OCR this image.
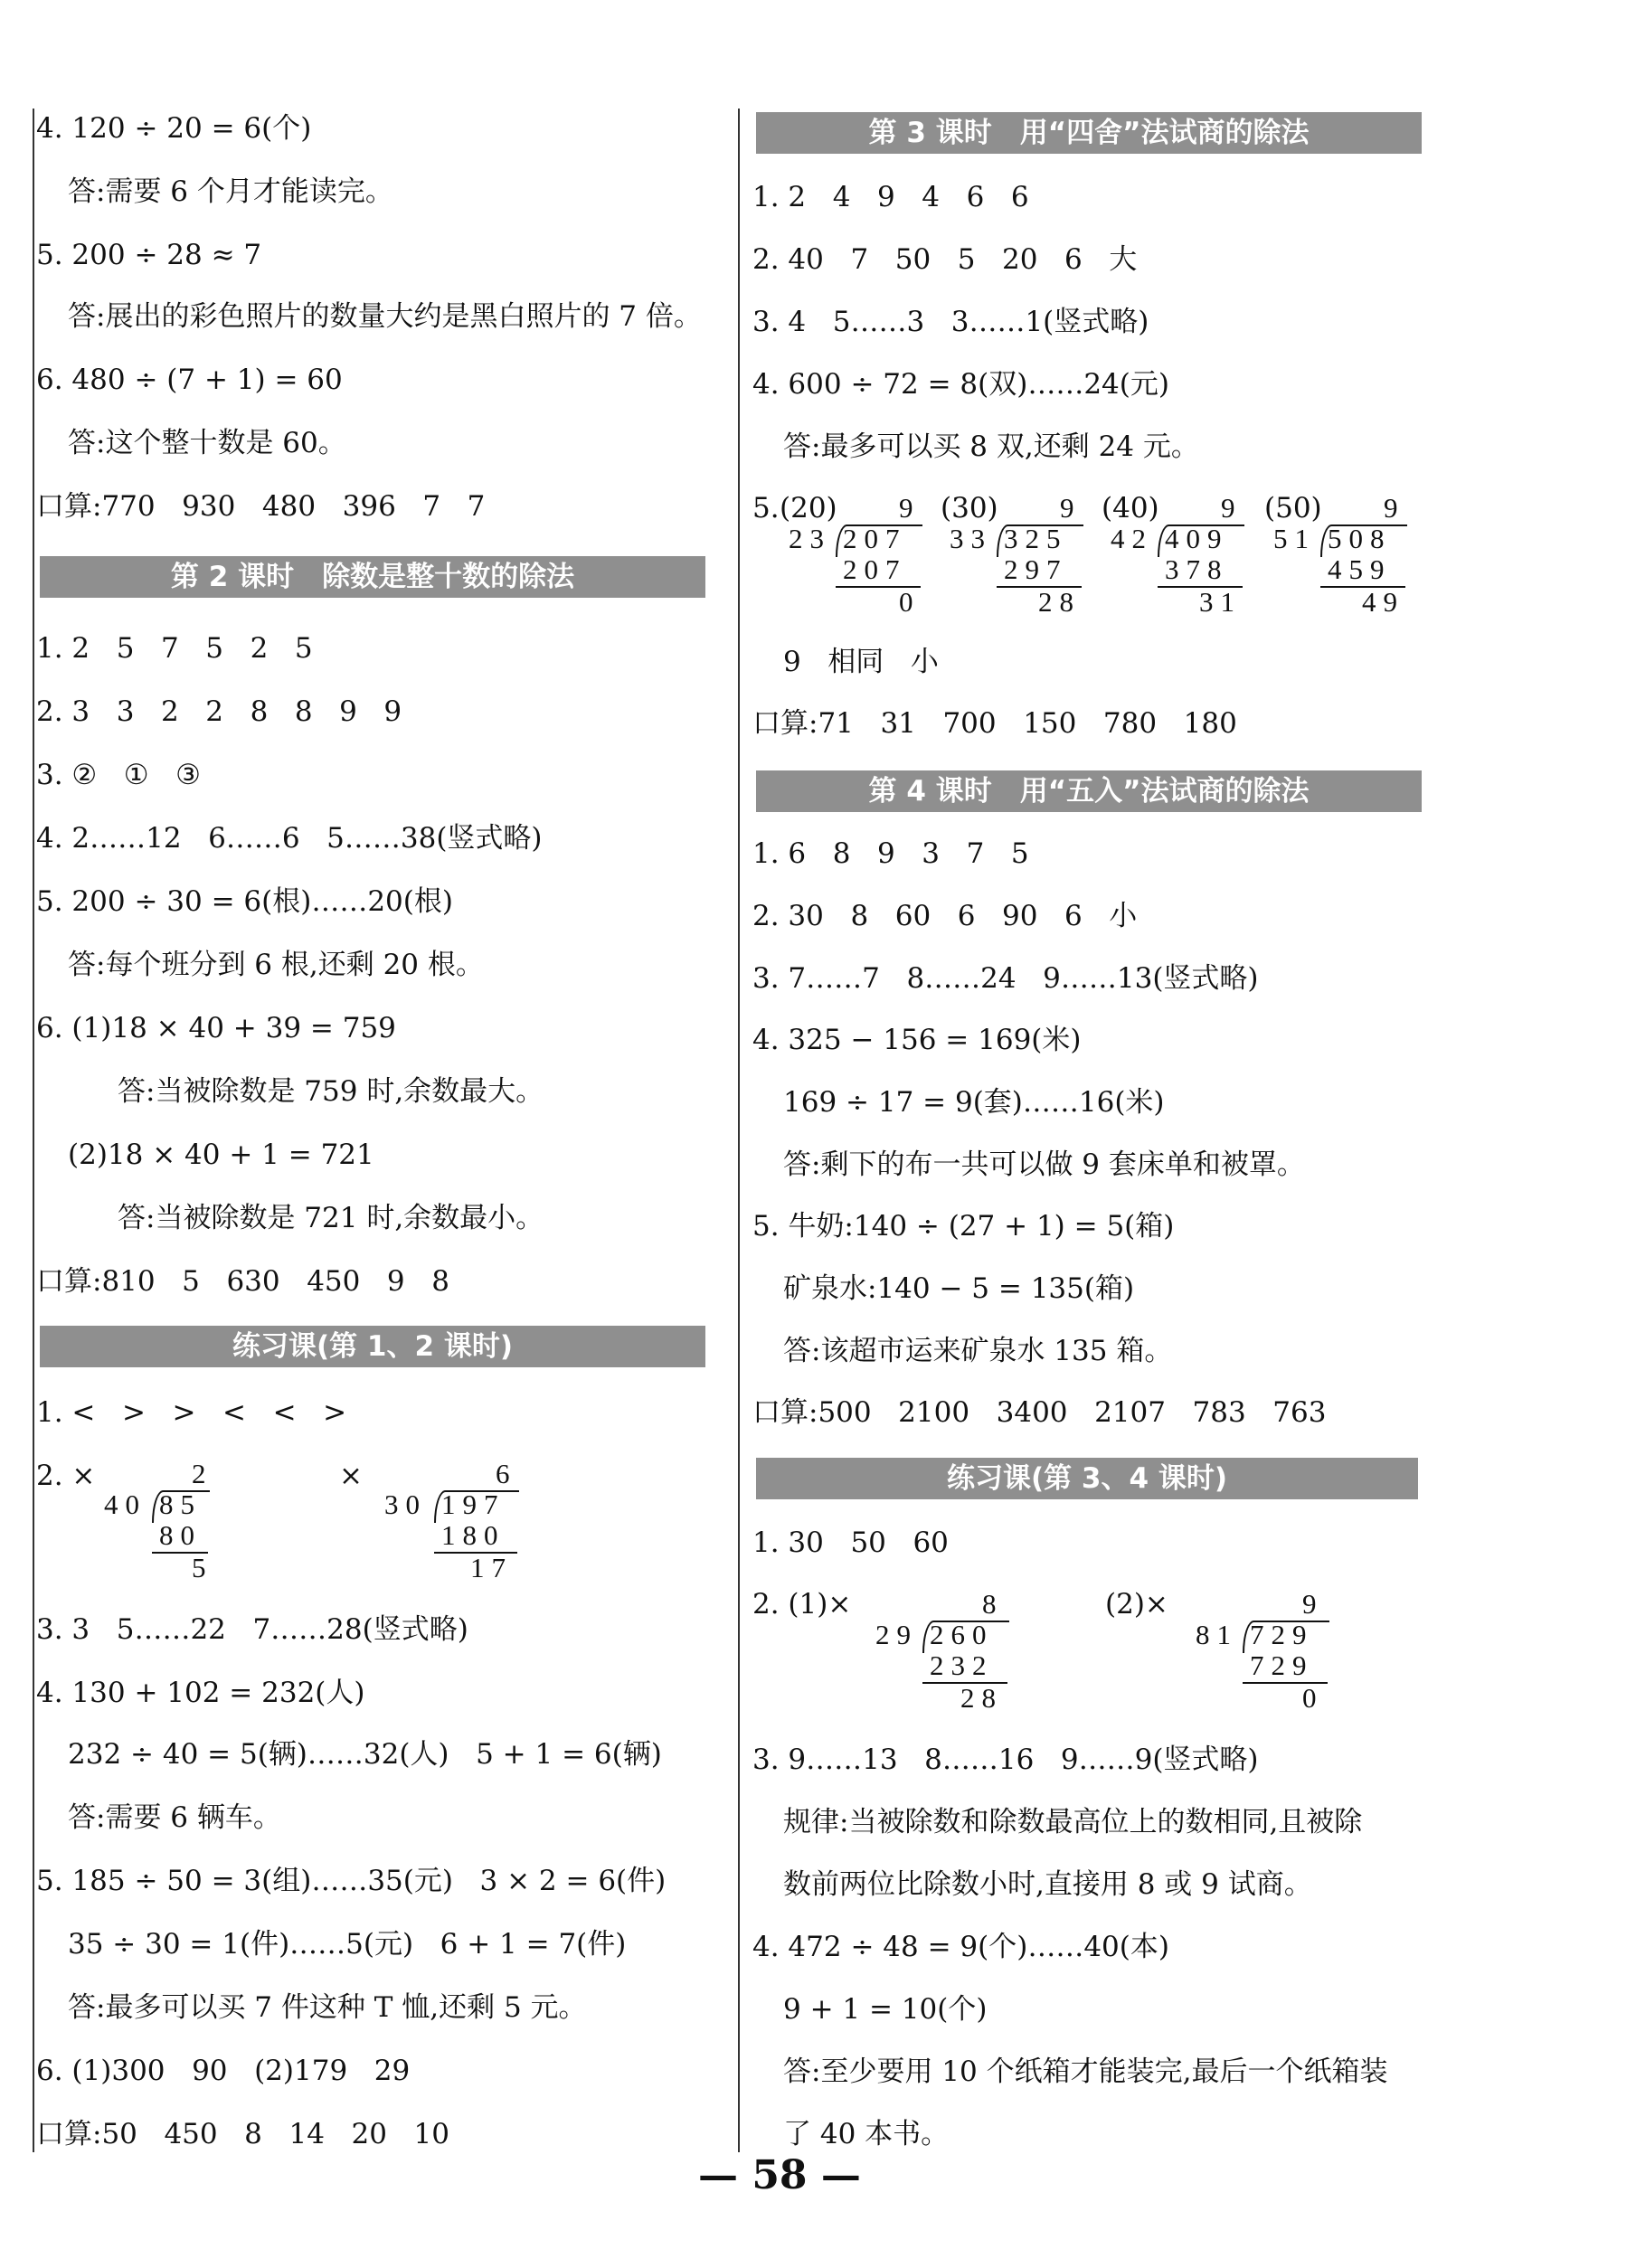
4. 120 ÷ 20 = 6(个)
答:需要 6 个月才能读完。
5. 200 ÷ 28 ≈ 7
答:展出的彩色照片的数量大约是黑白照片的 7 倍。
6. 480 ÷ (7 + 1) = 60
答:这个整十数是 60。
口算:770   930   480   396   7   7
第 2 课时　除数是整十数的除法
1. 2   5   7   5   2   5
2. 3   3   2   2   8   8   9   9
3. ②   ①   ③
4. 2……12   6……6   5……38(竖式略)
5. 200 ÷ 30 = 6(根)……20(根)
答:每个班分到 6 根,还剩 20 根。
6. (1)18 × 40 + 39 = 759
答:当被除数是 759 时,余数最大。
(2)18 × 40 + 1 = 721
答:当被除数是 721 时,余数最小。
口算:810   5   630   450   9   8
练习课(第 1、2 课时)
1. <   >   >   <   <   >
2. ×	2
40 85
80
5
×	6
30 197
180
17
3. 3   5……22   7……28(竖式略)
4. 130 + 102 = 232(人)
232 ÷ 40 = 5(辆)……32(人)   5 + 1 = 6(辆)
答:需要 6 辆车。
5. 185 ÷ 50 = 3(组)……35(元)   3 × 2 = 6(件)
35 ÷ 30 = 1(件)……5(元)   6 + 1 = 7(件)
答:最多可以买 7 件这种 T 恤,还剩 5 元。
6. (1)300   90   (2)179   29
口算:50   450   8   14   20   10
第 3 课时　用“四舍”法试商的除法
1. 2   4   9   4   6   6
2. 40   7   50   5   20   6   大
3. 4   5……3   3……1(竖式略)
4. 600 ÷ 72 = 8(双)……24(元)
答:最多可以买 8 双,还剩 24 元。
5. (20) 9
23 207
207
0
(30) 9
33 325
297
28
(40) 9
42 409
378
31
(50) 9
51 508
459
49
9   相同   小
口算:71   31   700   150   780   180
第 4 课时　用“五入”法试商的除法
1. 6   8   9   3   7   5
2. 30   8   60   6   90   6   小
3. 7……7   8……24   9……13(竖式略)
4. 325 − 156 = 169(米)
169 ÷ 17 = 9(套)……16(米)
答:剩下的布一共可以做 9 套床单和被罩。
5. 牛奶:140 ÷ (27 + 1) = 5(箱)
矿泉水:140 − 5 = 135(箱)
答:该超市运来矿泉水 135 箱。
口算:500   2100   3400   2107   783   763
练习课(第 3、4 课时)
1. 30   50   60
2. (1)×	8
29 260
232
28
(2)×	9
81 729
729
0
3. 9……13   8……16   9……9(竖式略)
规律:当被除数和除数最高位上的数相同,且被除
数前两位比除数小时,直接用 8 或 9 试商。
4. 472 ÷ 48 = 9(个)……40(本)
9 + 1 = 10(个)
答:至少要用 10 个纸箱才能装完,最后一个纸箱装
了 40 本书。
— 58 —
